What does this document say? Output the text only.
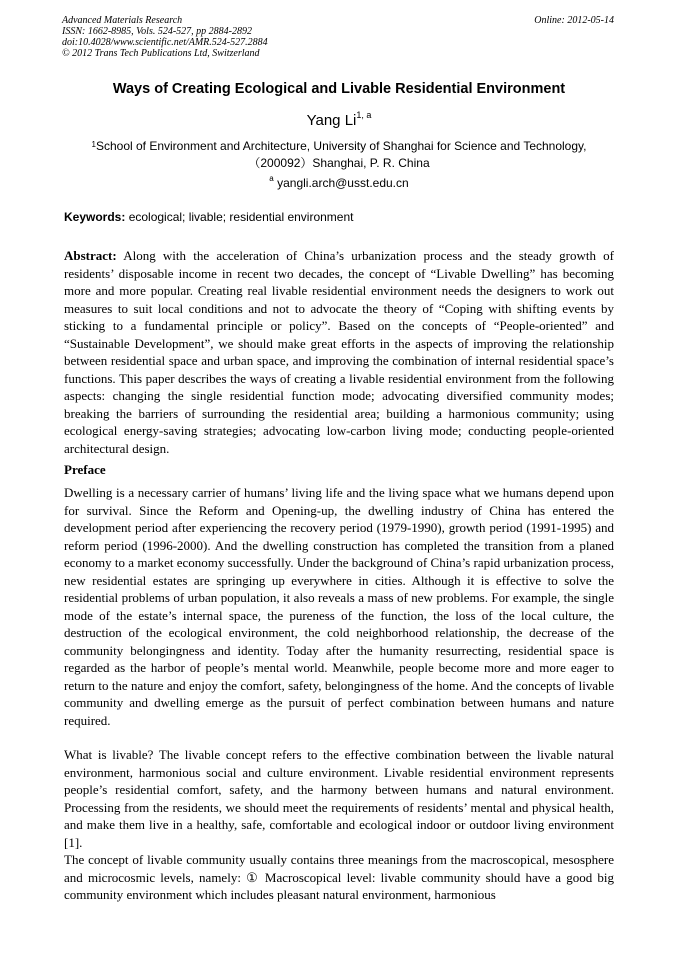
Advanced Materials Research
ISSN: 1662-8985, Vols. 524-527, pp 2884-2892
doi:10.4028/www.scientific.net/AMR.524-527.2884
© 2012 Trans Tech Publications Ltd, Switzerland
Online: 2012-05-14
Ways of Creating Ecological and Livable Residential Environment
Yang Li$^{1, a}$
$^1$School of Environment and Architecture, University of Shanghai for Science and Technology,
（200092）Shanghai, P. R. China
$^a$ yangli.arch@usst.edu.cn
Keywords: ecological; livable; residential environment
Abstract: Along with the acceleration of China’s urbanization process and the steady growth of residents’ disposable income in recent two decades, the concept of “Livable Dwelling” has becoming more and more popular. Creating real livable residential environment needs the designers to work out measures to suit local conditions and not to advocate the theory of “Coping with shifting events by sticking to a fundamental principle or policy”. Based on the concepts of “People-oriented” and “Sustainable Development”, we should make great efforts in the aspects of improving the relationship between residential space and urban space, and improving the combination of internal residential space’s functions. This paper describes the ways of creating a livable residential environment from the following aspects: changing the single residential function mode; advocating diversified community modes; breaking the barriers of surrounding the residential area; building a harmonious community; using ecological energy-saving strategies; advocating low-carbon living mode; conducting people-oriented architectural design.
Preface
Dwelling is a necessary carrier of humans’ living life and the living space what we humans depend upon for survival. Since the Reform and Opening-up, the dwelling industry of China has entered the development period after experiencing the recovery period (1979-1990), growth period (1991-1995) and reform period (1996-2000). And the dwelling construction has completed the transition from a planed economy to a market economy successfully. Under the background of China’s rapid urbanization process, new residential estates are springing up everywhere in cities. Although it is effective to solve the residential problems of urban population, it also reveals a mass of new problems. For example, the single mode of the estate’s internal space, the pureness of the function, the loss of the local culture, the destruction of the ecological environment, the cold neighborhood relationship, the decrease of the community belongingness and identity. Today after the humanity resurrecting, residential space is regarded as the harbor of people’s mental world. Meanwhile, people become more and more eager to return to the nature and enjoy the comfort, safety, belongingness of the home. And the concepts of livable community and dwelling emerge as the pursuit of perfect combination between humans and nature required.
What is livable? The livable concept refers to the effective combination between the livable natural environment, harmonious social and culture environment. Livable residential environment represents people’s residential comfort, safety, and the harmony between humans and natural environment. Processing from the residents, we should meet the requirements of residents’ mental and physical health, and make them live in a healthy, safe, comfortable and ecological indoor or outdoor living environment [1].
The concept of livable community usually contains three meanings from the macroscopical, mesosphere and microcosmic levels, namely: ① Macroscopical level: livable community should have a good big community environment which includes pleasant natural environment, harmonious
